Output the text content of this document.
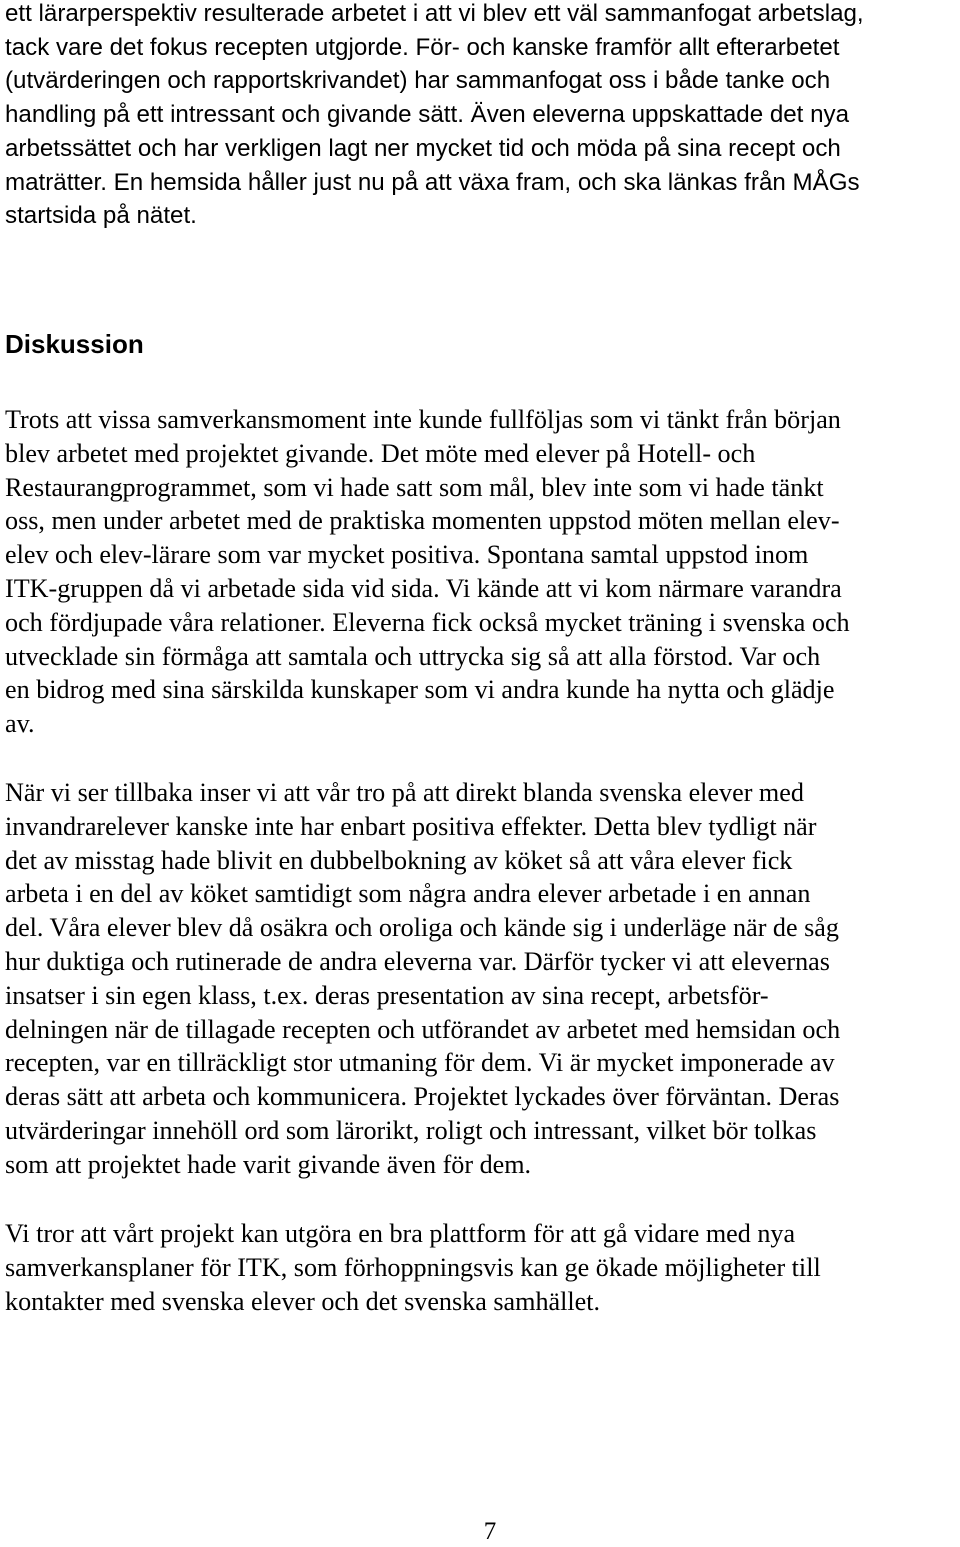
ett lärarperspektiv resulterade arbetet i att vi blev ett väl sammanfogat arbetslag,
tack vare det fokus recepten utgjorde. För- och kanske framför allt efterarbetet
(utvärderingen och rapportskrivandet) har sammanfogat oss i både tanke och
handling på ett intressant och givande sätt. Även eleverna uppskattade det nya
arbetssättet och har verkligen lagt ner mycket tid och möda på sina recept och
maträtter. En hemsida håller just nu på att växa fram, och ska länkas från MÅGs
startsida på nätet.

Diskussion

Trots att vissa samverkansmoment inte kunde fullföljas som vi tänkt från början
blev arbetet med projektet givande. Det möte med elever på Hotell- och
Restaurangprogrammet, som vi hade satt som mål, blev inte som vi hade tänkt
oss, men under arbetet med de praktiska momenten uppstod möten mellan elev-
elev och elev-lärare som var mycket positiva. Spontana samtal uppstod inom
ITK-gruppen då vi arbetade sida vid sida. Vi kände att vi kom närmare varandra
och fördjupade våra relationer. Eleverna fick också mycket träning i svenska och
utvecklade sin förmåga att samtala och uttrycka sig så att alla förstod. Var och
en bidrog med sina särskilda kunskaper som vi andra kunde ha nytta och glädje
av.

När vi ser tillbaka inser vi att vår tro på att direkt blanda svenska elever med
invandrarelever kanske inte har enbart positiva effekter. Detta blev tydligt när
det av misstag hade blivit en dubbelbokning av köket så att våra elever fick
arbeta i en del av köket samtidigt som några andra elever arbetade i en annan
del. Våra elever blev då osäkra och oroliga och kände sig i underläge när de såg
hur duktiga och rutinerade de andra eleverna var. Därför tycker vi att elevernas
insatser i sin egen klass, t.ex. deras presentation av sina recept, arbetsför-
delningen när de tillagade recepten och utförandet av arbetet med hemsidan och
recepten, var en tillräckligt stor utmaning för dem. Vi är mycket imponerade av
deras sätt att arbeta och kommunicera. Projektet lyckades över förväntan. Deras
utvärderingar innehöll ord som lärorikt, roligt och intressant, vilket bör tolkas
som att projektet hade varit givande även för dem.

Vi tror att vårt projekt kan utgöra en bra plattform för att gå vidare med nya
samverkansplaner för ITK, som förhoppningsvis kan ge ökade möjligheter till
kontakter med svenska elever och det svenska samhället.

7
